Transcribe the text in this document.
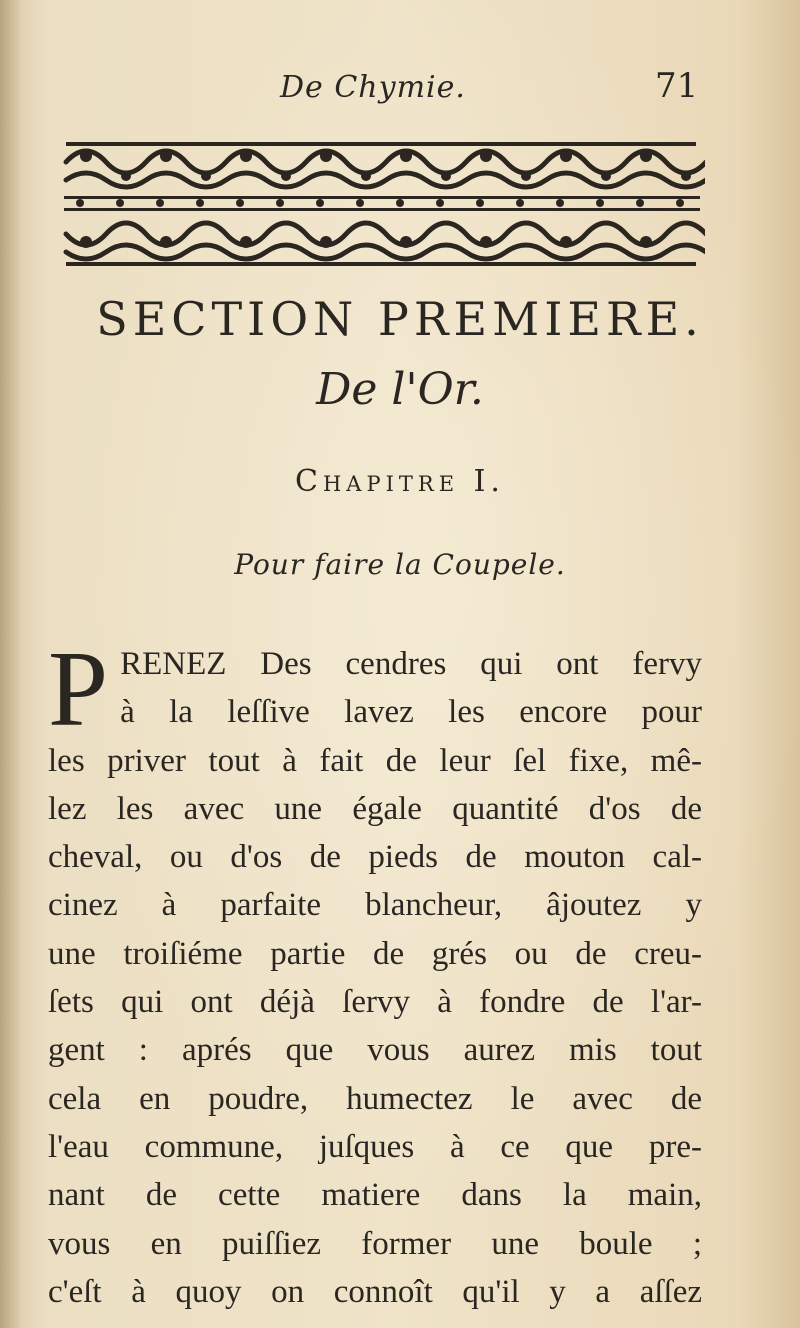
De Chymie.	71
SECTION PREMIERE.
De l'Or.
Chapitre I.
Pour faire la Coupele.
P RENEZ Des cendres qui ont fervy
à la leſſive lavez les encore pour
les priver tout à fait de leur ſel fixe, mê-
lez les avec une égale quantité d'os de
cheval, ou d'os de pieds de mouton cal-
cinez à parfaite blancheur, âjoutez y
une troiſiéme partie de grés ou de creu-
ſets qui ont déjà ſervy à fondre de l'ar-
gent : aprés que vous aurez mis tout
cela en poudre, humectez le avec de
l'eau commune, juſques à ce que pre-
nant de cette matiere dans la main,
vous en puiſſiez former une boule ;
c'eſt à quoy on connoît qu'il y a aſſez
